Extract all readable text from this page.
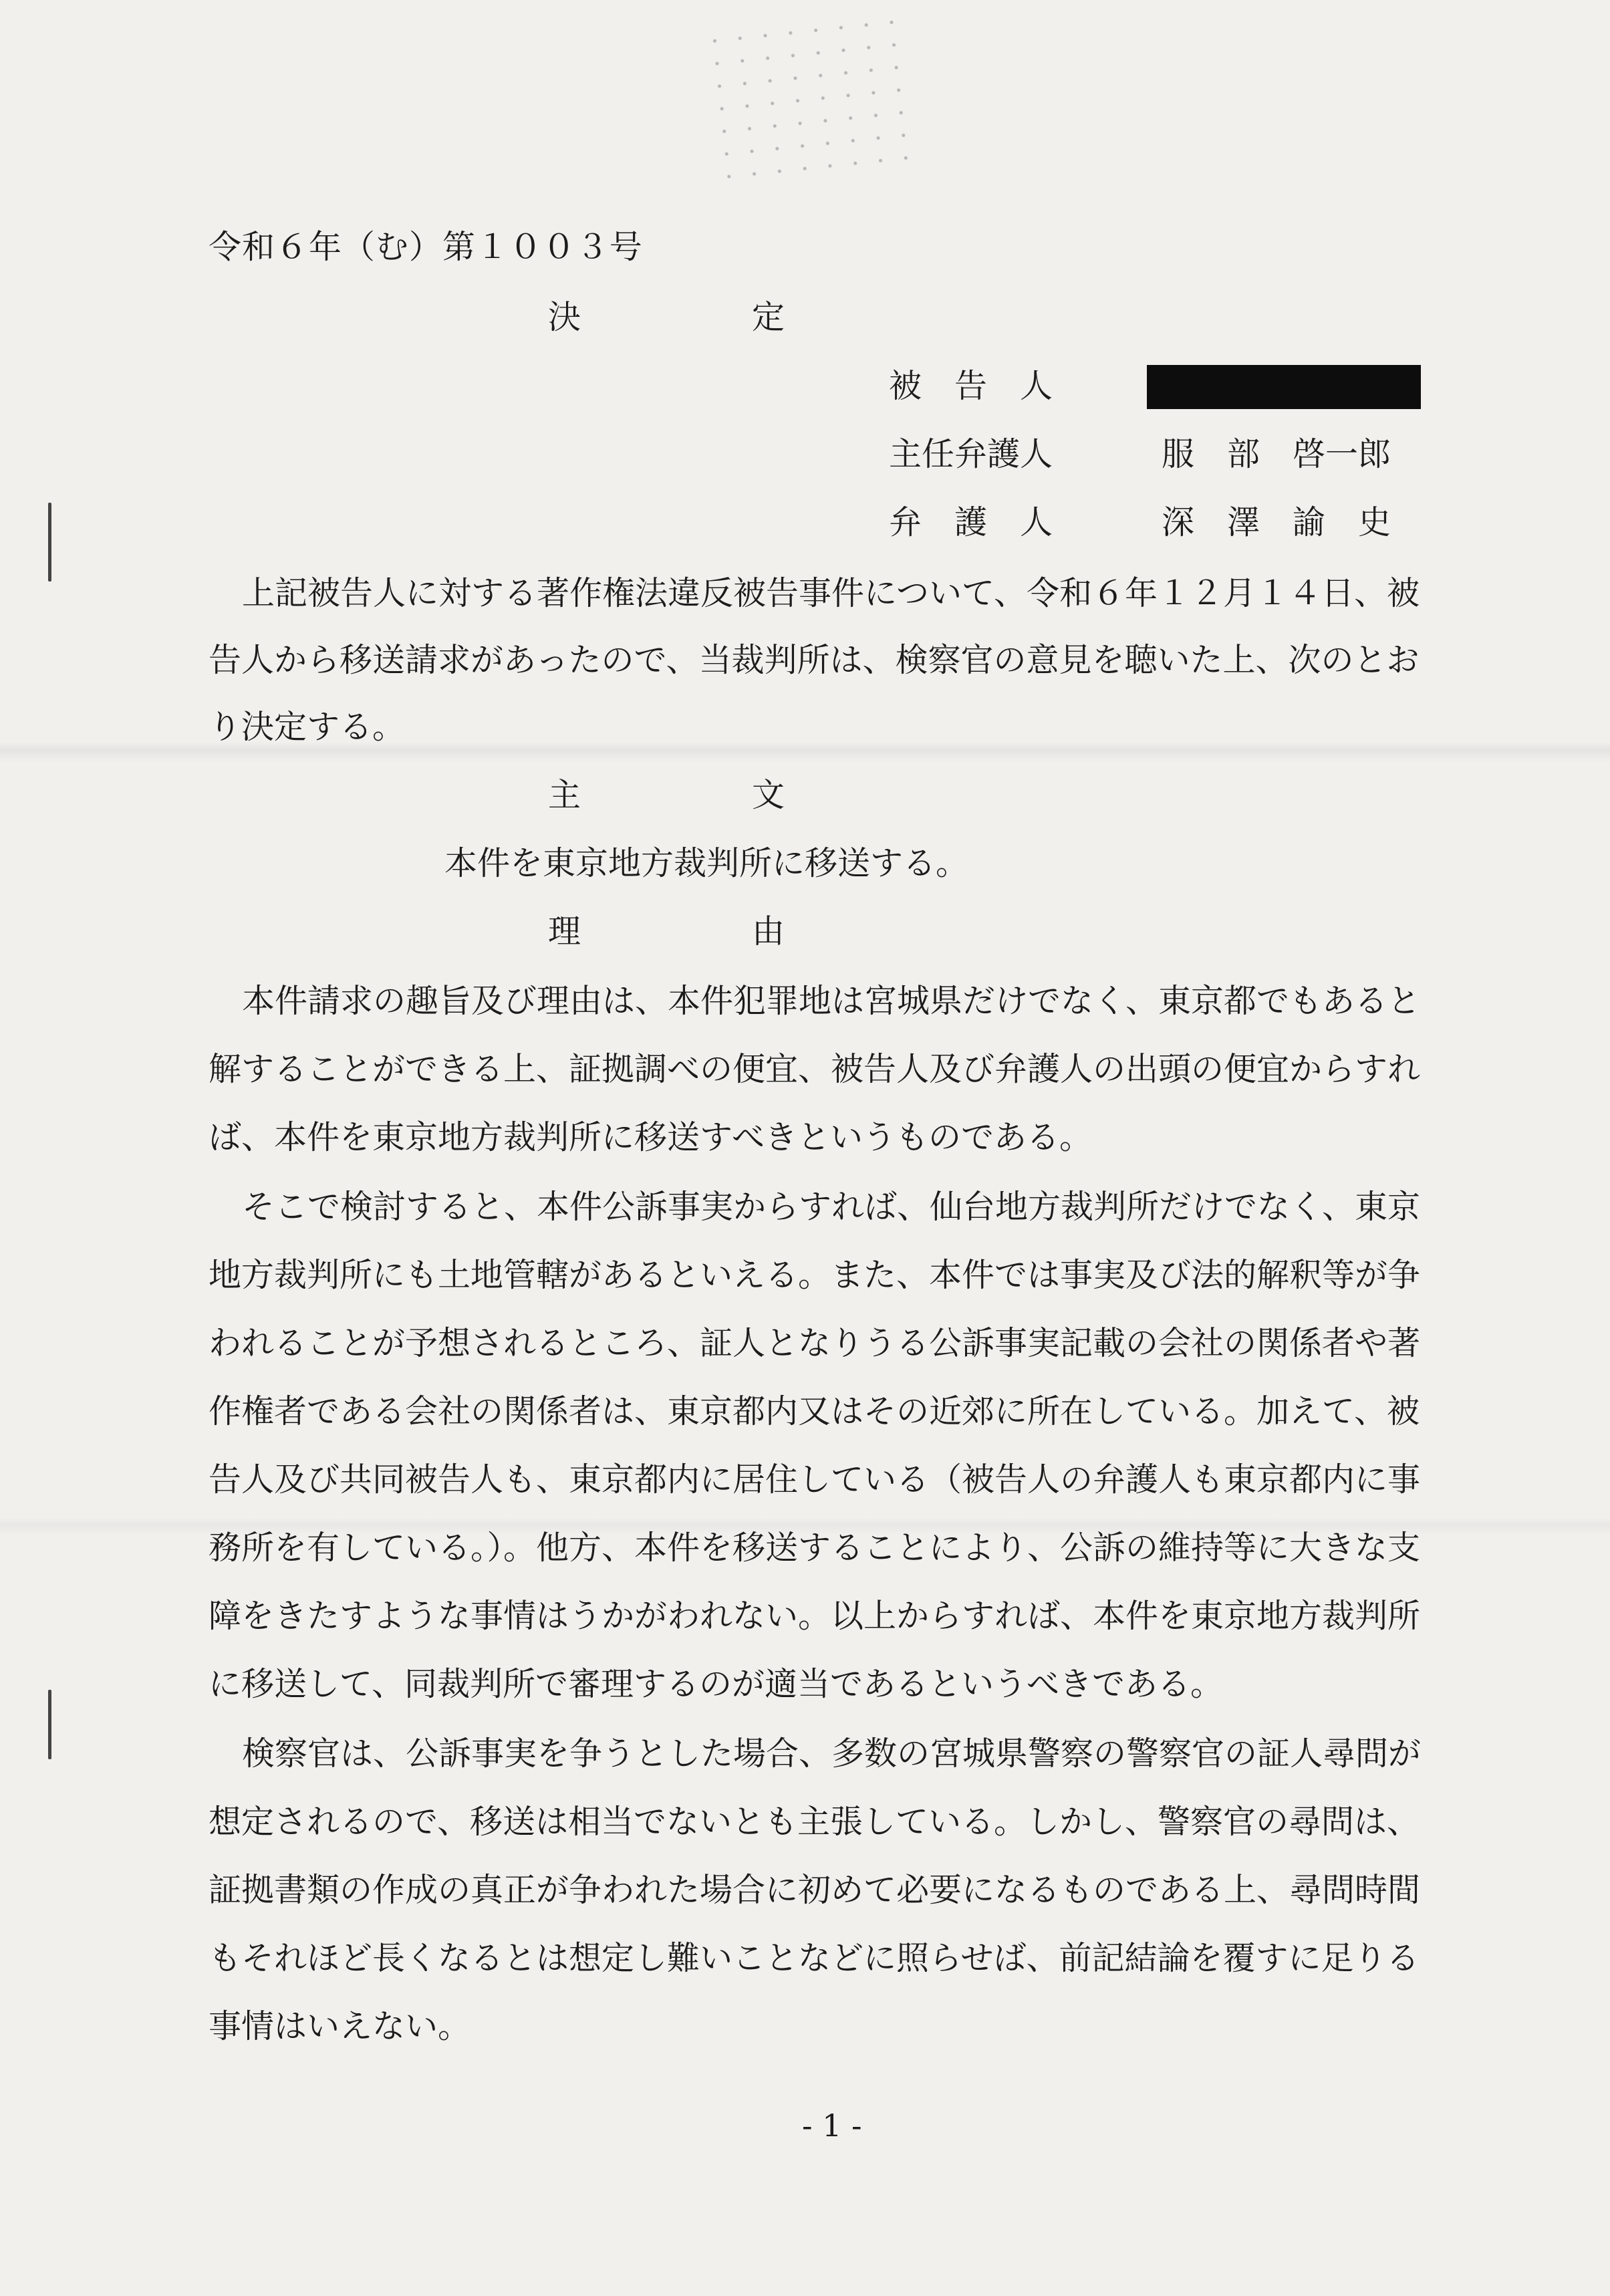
令和６年（む）第１００３号
決	定
被　告　人
主任弁護人	服　部　啓一郎
弁　護　人	深　澤　諭　史
上記被告人に対する著作権法違反被告事件について、令和６年１２月１４日、被
告人から移送請求があったので、当裁判所は、検察官の意見を聴いた上、次のとお
り決定する。
主	文
本件を東京地方裁判所に移送する。
理	由
本件請求の趣旨及び理由は、本件犯罪地は宮城県だけでなく、東京都でもあると
解することができる上、証拠調べの便宜、被告人及び弁護人の出頭の便宜からすれ
ば、本件を東京地方裁判所に移送すべきというものである。
そこで検討すると、本件公訴事実からすれば、仙台地方裁判所だけでなく、東京
地方裁判所にも土地管轄があるといえる。また、本件では事実及び法的解釈等が争
われることが予想されるところ、証人となりうる公訴事実記載の会社の関係者や著
作権者である会社の関係者は、東京都内又はその近郊に所在している。加えて、被
告人及び共同被告人も、東京都内に居住している（被告人の弁護人も東京都内に事
務所を有している。）。他方、本件を移送することにより、公訴の維持等に大きな支
障をきたすような事情はうかがわれない。以上からすれば、本件を東京地方裁判所
に移送して、同裁判所で審理するのが適当であるというべきである。
検察官は、公訴事実を争うとした場合、多数の宮城県警察の警察官の証人尋問が
想定されるので、移送は相当でないとも主張している。しかし、警察官の尋問は、
証拠書類の作成の真正が争われた場合に初めて必要になるものである上、尋問時間
もそれほど長くなるとは想定し難いことなどに照らせば、前記結論を覆すに足りる
事情はいえない。
- 1 -
